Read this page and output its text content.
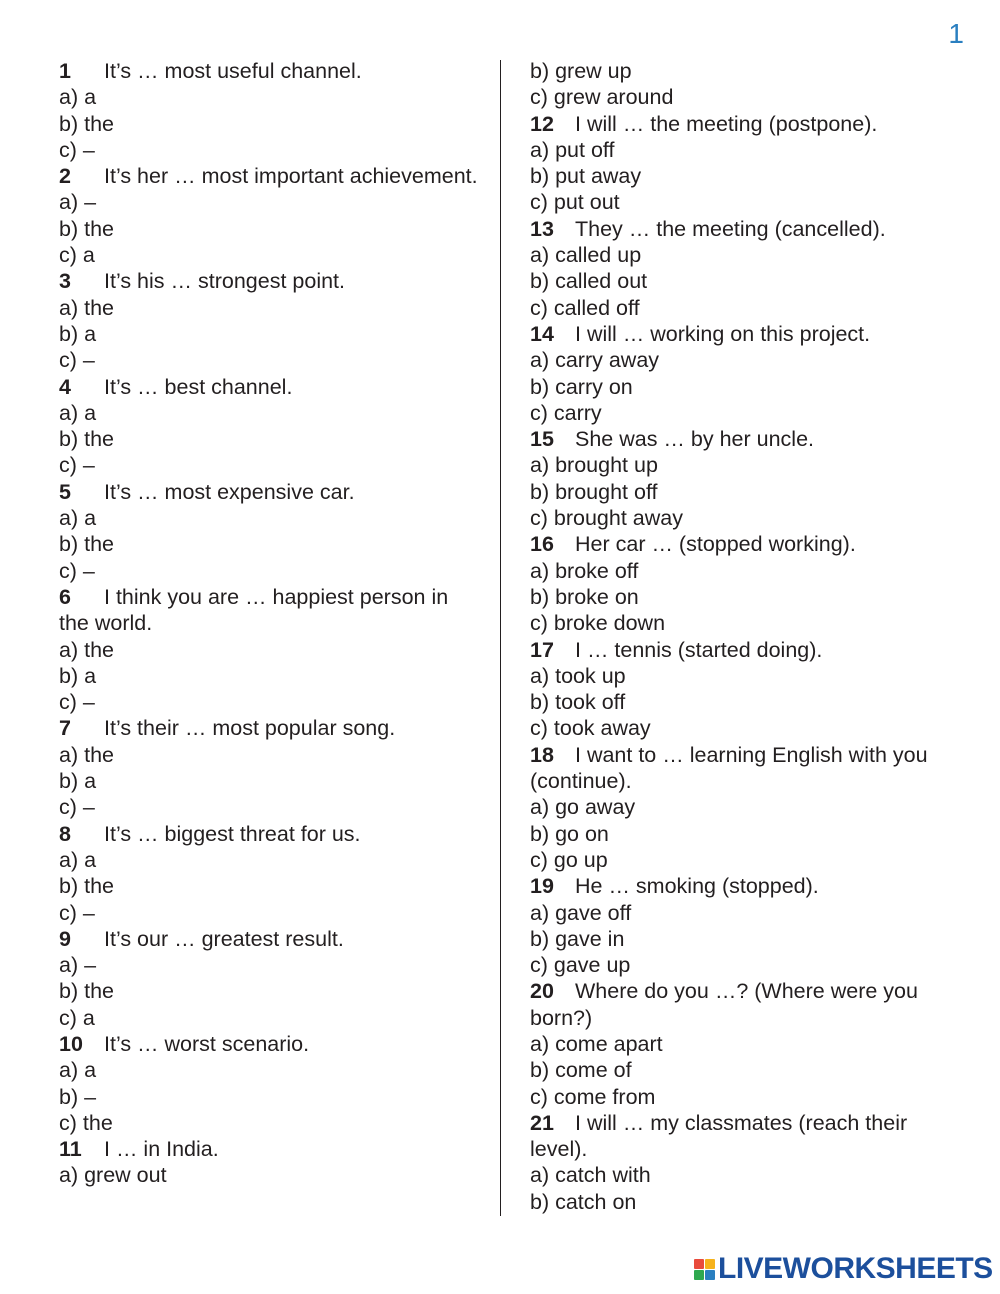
1
1 It’s … most useful channel.
a) a
b) the
c) –
2 It’s her … most important achievement.
a) –
b) the
c) a
3 It’s his … strongest point.
a) the
b) a
c) –
4 It’s … best channel.
a) a
b) the
c) –
5 It’s … most expensive car.
a) a
b) the
c) –
6 I think you are … happiest person in the world.
a) the
b) a
c) –
7 It’s their … most popular song.
a) the
b) a
c) –
8 It’s … biggest threat for us.
a) a
b) the
c) –
9 It’s our … greatest result.
a) –
b) the
c) a
10 It’s … worst scenario.
a) a
b) –
c) the
11 I … in India.
a) grew out
b) grew up
c) grew around
12 I will … the meeting (postpone).
a) put off
b) put away
c) put out
13 They … the meeting (cancelled).
a) called up
b) called out
c) called off
14 I will … working on this project.
a) carry away
b) carry on
c) carry
15 She was … by her uncle.
a) brought up
b) brought off
c) brought away
16 Her car … (stopped working).
a) broke off
b) broke on
c) broke down
17 I … tennis (started doing).
a) took up
b) took off
c) took away
18 I want to … learning English with you (continue).
a) go away
b) go on
c) go up
19 He … smoking (stopped).
a) gave off
b) gave in
c) gave up
20 Where do you …? (Where were you born?)
a) come apart
b) come of
c) come from
21 I will … my classmates (reach their level).
a) catch with
b) catch on
LIVEWORKSHEETS
